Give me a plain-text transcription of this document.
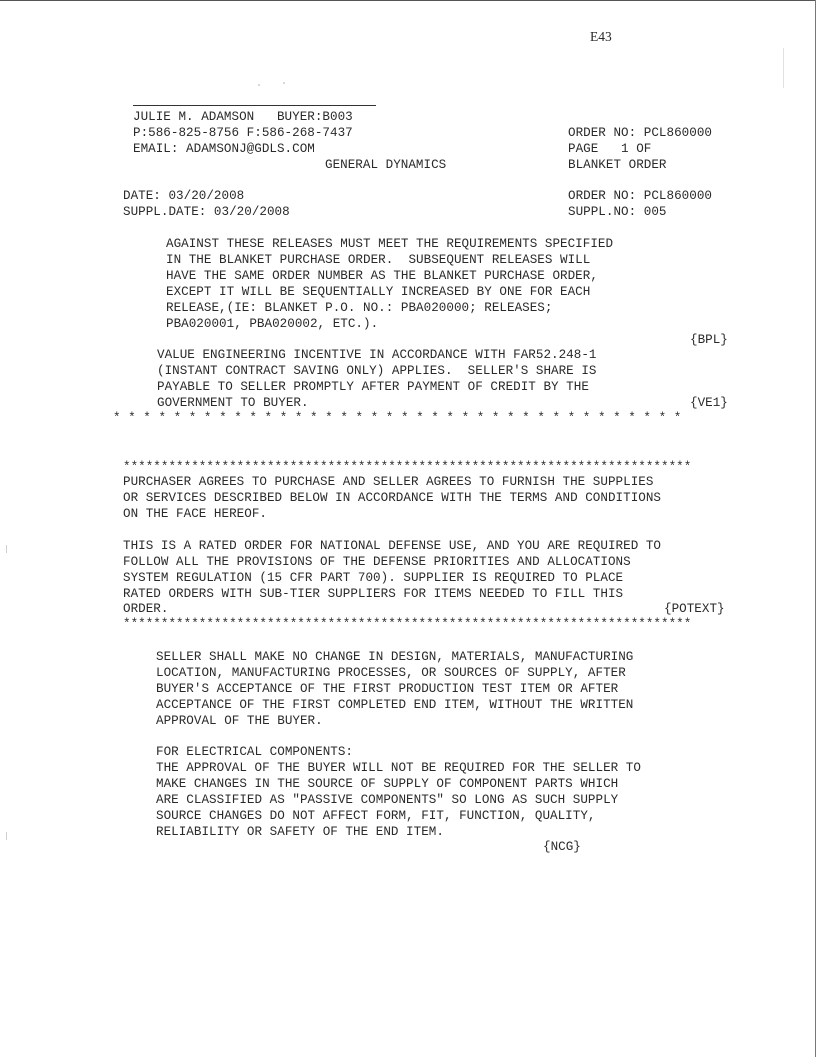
E43
JULIE M. ADAMSON   BUYER:B003
P:586-825-8756 F:586-268-7437
EMAIL: ADAMSONJ@GDLS.COM
GENERAL DYNAMICS
ORDER NO: PCL860000
PAGE   1 OF
BLANKET ORDER
DATE: 03/20/2008
SUPPL.DATE: 03/20/2008
ORDER NO: PCL860000
SUPPL.NO: 005
AGAINST THESE RELEASES MUST MEET THE REQUIREMENTS SPECIFIED
IN THE BLANKET PURCHASE ORDER.  SUBSEQUENT RELEASES WILL
HAVE THE SAME ORDER NUMBER AS THE BLANKET PURCHASE ORDER,
EXCEPT IT WILL BE SEQUENTIALLY INCREASED BY ONE FOR EACH
RELEASE,(IE: BLANKET P.O. NO.: PBA020000; RELEASES;
PBA020001, PBA020002, ETC.).
{BPL}
VALUE ENGINEERING INCENTIVE IN ACCORDANCE WITH FAR52.248-1
(INSTANT CONTRACT SAVING ONLY) APPLIES.  SELLER'S SHARE IS
PAYABLE TO SELLER PROMPTLY AFTER PAYMENT OF CREDIT BY THE
GOVERNMENT TO BUYER.	{VE1}
* * * * * * * * * * * * * * * * * * * * * * * * * * * * * * * * * * * * * *
***************************************************************************
PURCHASER AGREES TO PURCHASE AND SELLER AGREES TO FURNISH THE SUPPLIES
OR SERVICES DESCRIBED BELOW IN ACCORDANCE WITH THE TERMS AND CONDITIONS
ON THE FACE HEREOF.
THIS IS A RATED ORDER FOR NATIONAL DEFENSE USE, AND YOU ARE REQUIRED TO
FOLLOW ALL THE PROVISIONS OF THE DEFENSE PRIORITIES AND ALLOCATIONS
SYSTEM REGULATION (15 CFR PART 700). SUPPLIER IS REQUIRED TO PLACE
RATED ORDERS WITH SUB-TIER SUPPLIERS FOR ITEMS NEEDED TO FILL THIS
ORDER.	{POTEXT}
***************************************************************************
SELLER SHALL MAKE NO CHANGE IN DESIGN, MATERIALS, MANUFACTURING
LOCATION, MANUFACTURING PROCESSES, OR SOURCES OF SUPPLY, AFTER
BUYER'S ACCEPTANCE OF THE FIRST PRODUCTION TEST ITEM OR AFTER
ACCEPTANCE OF THE FIRST COMPLETED END ITEM, WITHOUT THE WRITTEN
APPROVAL OF THE BUYER.
FOR ELECTRICAL COMPONENTS:
THE APPROVAL OF THE BUYER WILL NOT BE REQUIRED FOR THE SELLER TO
MAKE CHANGES IN THE SOURCE OF SUPPLY OF COMPONENT PARTS WHICH
ARE CLASSIFIED AS "PASSIVE COMPONENTS" SO LONG AS SUCH SUPPLY
SOURCE CHANGES DO NOT AFFECT FORM, FIT, FUNCTION, QUALITY,
RELIABILITY OR SAFETY OF THE END ITEM.
{NCG}
